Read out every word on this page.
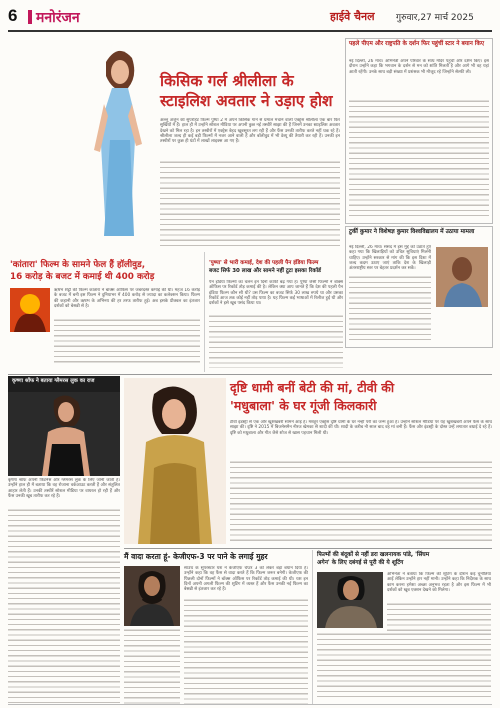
6 मनोरंजन	हाईवे चैनल गुरुवार,27 मार्च 2025
किसिक गर्ल श्रीलीला के
स्टाइलिश अवतार ने उड़ाए होश
अल्लू अर्जुन की सुपरहिट फिल्म पुष्पा 2 में अपने किसिक गाने से धमाल मचाने वाली एक्ट्रेस श्रीलीला एक बार फिर सुर्खियों में हैं। हाल ही में उन्होंने सोशल मीडिया पर अपनी कुछ नई तस्वीरें साझा की हैं जिनमें उनका स्टाइलिश अवतार देखने को मिल रहा है। इन तस्वीरों में एक्ट्रेस बेहद खूबसूरत लग रही हैं और फैंस उनकी तारीफ करते नहीं थक रहे हैं। श्रीलीला जल्द ही कई बड़ी फिल्मों में नजर आने वाली हैं और बॉलीवुड में भी डेब्यू की तैयारी कर रही हैं। उनकी इन तस्वीरों पर कुछ ही घंटों में लाखों लाइक्स आ गए हैं।
पहले पीएम और राष्ट्रपति के दर्शन फिर पहुंचीं स्टार ने बयान किए
नई दिल्ली, 26 मार्च। अभिनेत्री अपने परिवार के साथ मंदिर पहुंचीं और दर्शन किए। इस दौरान उन्होंने कहा कि भगवान के दर्शन से मन को शांति मिलती है और आगे भी वह यहां आती रहेंगी। उनके साथ बड़ी संख्या में प्रशंसक भी मौजूद रहे जिन्होंने सेल्फी ली।
टुर्की कुमार ने विशेषज्ञ कुमार विश्वविद्यालय में उठाया मामला
नई दिल्ली, 26 मार्च। संसद में इस मुद्दे को उठाते हुए कहा गया कि खिलाड़ियों को उचित सुविधाएं मिलनी चाहिए। उन्होंने सरकार से मांग की कि इस दिशा में जल्द कदम उठाए जाएं ताकि देश के खिलाड़ी अंतरराष्ट्रीय स्तर पर बेहतर प्रदर्शन कर सकें।
'कांतारा' फिल्म के सामने फेल हैं हॉलीवुड,
16 करोड़ के बजट में कमाई थी 400 करोड़
ऋषभ शेट्टी की फिल्म कांतारा ने बॉक्स ऑफिस पर जबरदस्त कमाई की थी। महज 16 करोड़ के बजट में बनी इस फिल्म ने दुनियाभर में 400 करोड़ से ज्यादा का कलेक्शन किया। फिल्म की कहानी और ऋषभ के अभिनय की हर तरफ तारीफ हुई। अब इसके प्रीक्वल का इंतजार दर्शकों को बेसब्री से है।
'पुष्पा' से भारी कमाई, देश की पहली पैन इंडिया फिल्म
बजट सिर्फ 30 लाख और सामने नहीं टूटा इसका रिकॉर्ड
पैन इंडिया फिल्मों का चलन इन दिनों काफी बढ़ गया है। पुष्पा जैसी फिल्मों ने बॉक्स ऑफिस पर रिकॉर्ड तोड़ कमाई की है। लेकिन क्या आप जानते हैं कि देश की पहली पैन इंडिया फिल्म कौन सी थी? उस फिल्म का बजट सिर्फ 30 लाख रुपये था और उसका रिकॉर्ड आज तक कोई नहीं तोड़ पाया है। यह फिल्म कई भाषाओं में रिलीज हुई थी और दर्शकों ने इसे खूब पसंद किया था।
कृष्णा श्रॉफ ने बताया ग्लैमरस लुक का राज
कृष्णा श्रॉफ अपनी फिटनेस और ग्लैमरस लुक के लिए जानी जाती हैं। उन्होंने हाल ही में बताया कि वह रोजाना वर्कआउट करती हैं और संतुलित आहार लेती हैं। उनकी तस्वीरें सोशल मीडिया पर वायरल हो रही हैं और फैंस उनकी खूब तारीफ कर रहे हैं।
दृष्टि धामी बनीं बेटी की मां, टीवी की
'मधुबाला' के घर गूंजी किलकारी
टीवी इंडस्ट्री से एक और खुशखबरी सामने आई है। मशहूर एक्ट्रेस दृष्टि धामी के घर नन्ही परी का जन्म हुआ है। उन्होंने सोशल मीडिया पर यह खुशखबरी अपने फैंस के साथ साझा की। दृष्टि ने 2015 में बिजनेसमैन नीरज खेमका से शादी की थी। शादी के करीब नौ साल बाद वह मां बनी हैं। फैंस और इंडस्ट्री के दोस्त उन्हें लगातार बधाई दे रहे हैं। दृष्टि को मधुबाला और गीत जैसे शोज से खास पहचान मिली थी।
मैं वादा करता हूं- केजीएफ-3 पर पाने के लगाई मुहर
साउथ के सुपरस्टार यश ने केजीएफ चैप्टर 3 को लेकर बड़ा बयान दिया है। उन्होंने कहा कि वह फैंस से वादा करते हैं कि फिल्म जरूर बनेगी। केजीएफ की पिछली दोनों फिल्मों ने बॉक्स ऑफिस पर रिकॉर्ड तोड़ कमाई की थी। यश इन दिनों अपनी अगली फिल्म की शूटिंग में व्यस्त हैं और फैंस उनकी नई फिल्म का बेसब्री से इंतजार कर रहे हैं।
फिल्मों की बंदूकों से नहीं डरा खलनायक पांडे, 'सिंघम
अगेन' के लिए दबंगई से पूरी की ये शूटिंग
अभिनेता ने बताया कि फिल्म की शूटिंग के दौरान कई चुनौतियां आईं लेकिन उन्होंने हार नहीं मानी। उन्होंने कहा कि निर्देशक के साथ काम करना हमेशा अच्छा अनुभव रहता है और इस फिल्म में भी दर्शकों को खूब एक्शन देखने को मिलेगा।
